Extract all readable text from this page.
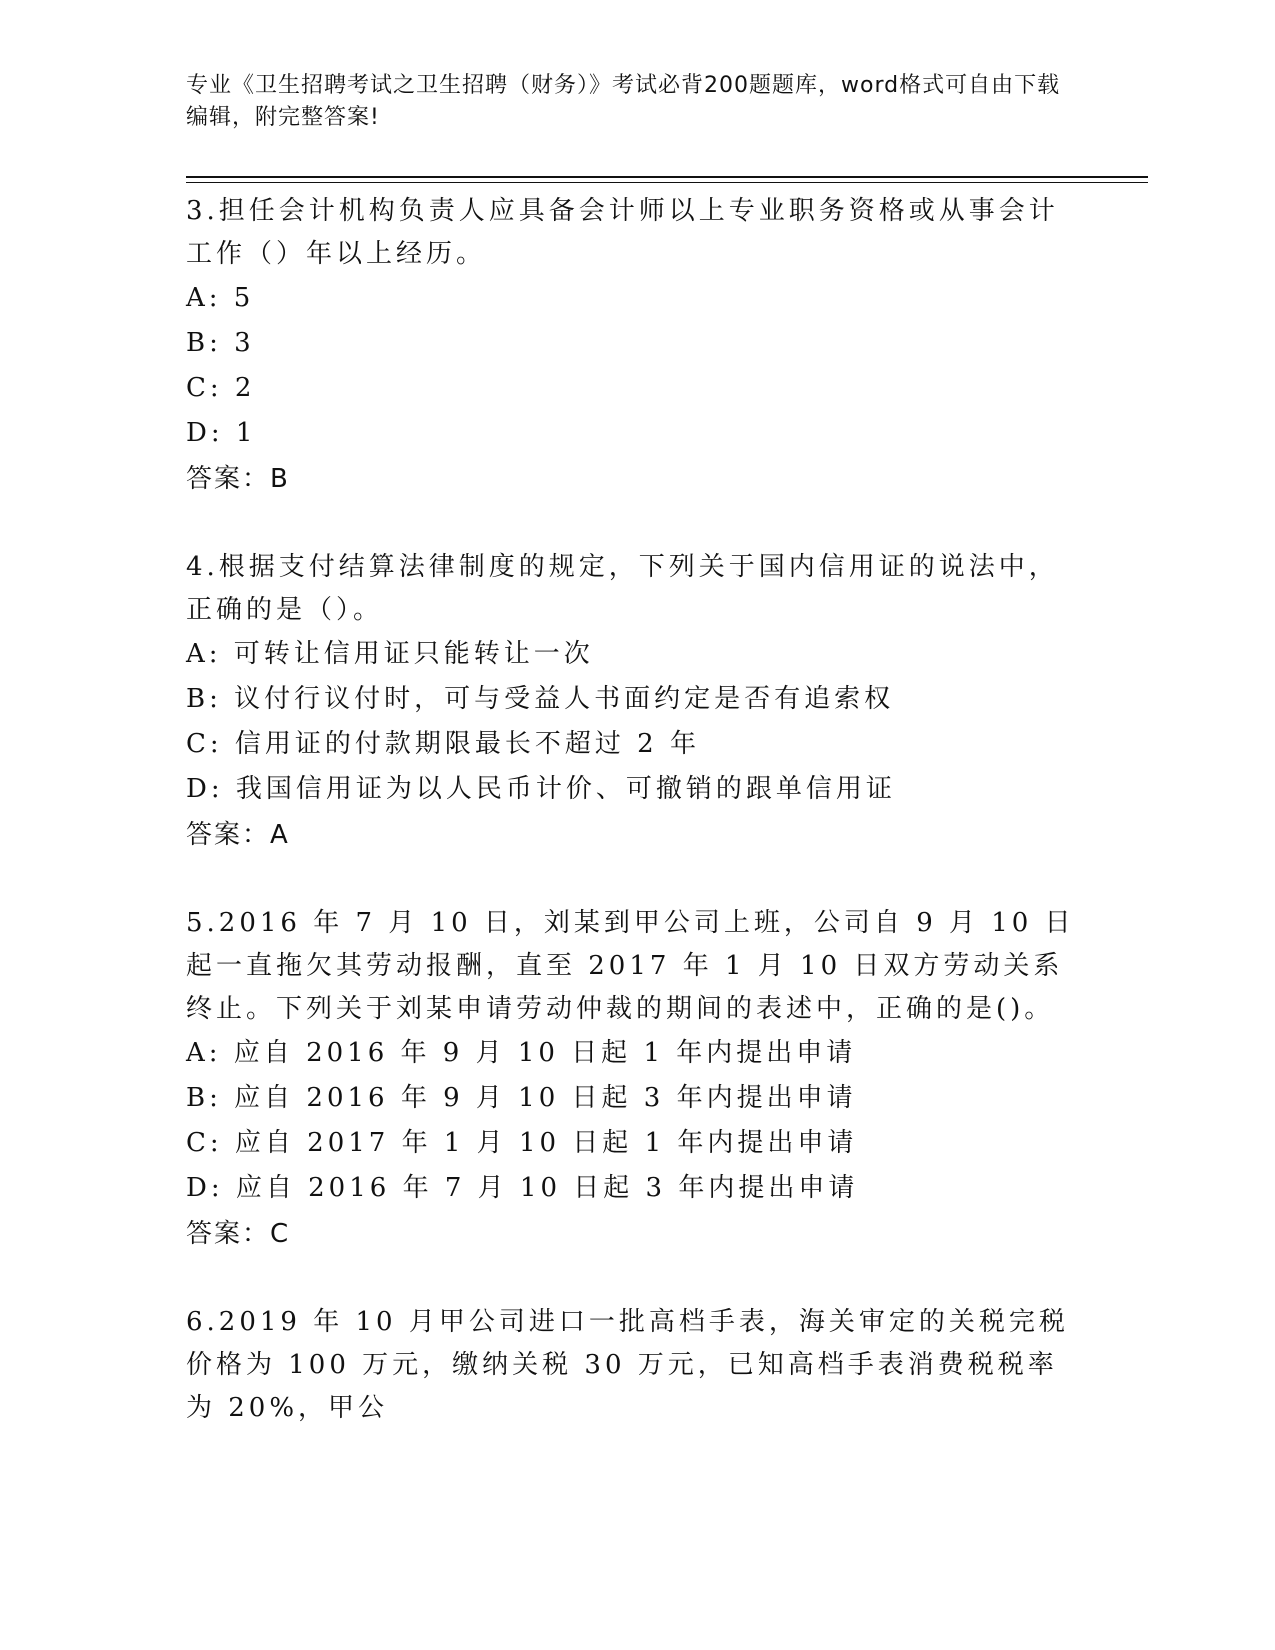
专业《卫生招聘考试之卫生招聘（财务）》考试必背200题题库，word格式可自由下载编辑，附完整答案!

3.担任会计机构负责人应具备会计师以上专业职务资格或从事会计工作（）年以上经历。

A: 5

B: 3

C: 2

D: 1

答案：B

4.根据支付结算法律制度的规定，下列关于国内信用证的说法中，正确的是（）。

A: 可转让信用证只能转让一次

B: 议付行议付时，可与受益人书面约定是否有追索权

C: 信用证的付款期限最长不超过 2 年

D: 我国信用证为以人民币计价、可撤销的跟单信用证

答案：A

5.2016 年 7 月 10 日，刘某到甲公司上班，公司自 9 月 10 日起一直拖欠其劳动报酬，直至 2017 年 1 月 10 日双方劳动关系终止。下列关于刘某申请劳动仲裁的期间的表述中，正确的是()。

A: 应自 2016 年 9 月 10 日起 1 年内提出申请

B: 应自 2016 年 9 月 10 日起 3 年内提出申请

C: 应自 2017 年 1 月 10 日起 1 年内提出申请

D: 应自 2016 年 7 月 10 日起 3 年内提出申请

答案：C

6.2019 年 10 月甲公司进口一批高档手表，海关审定的关税完税价格为 100 万元，缴纳关税 30 万元，已知高档手表消费税税率为 20%，甲公
